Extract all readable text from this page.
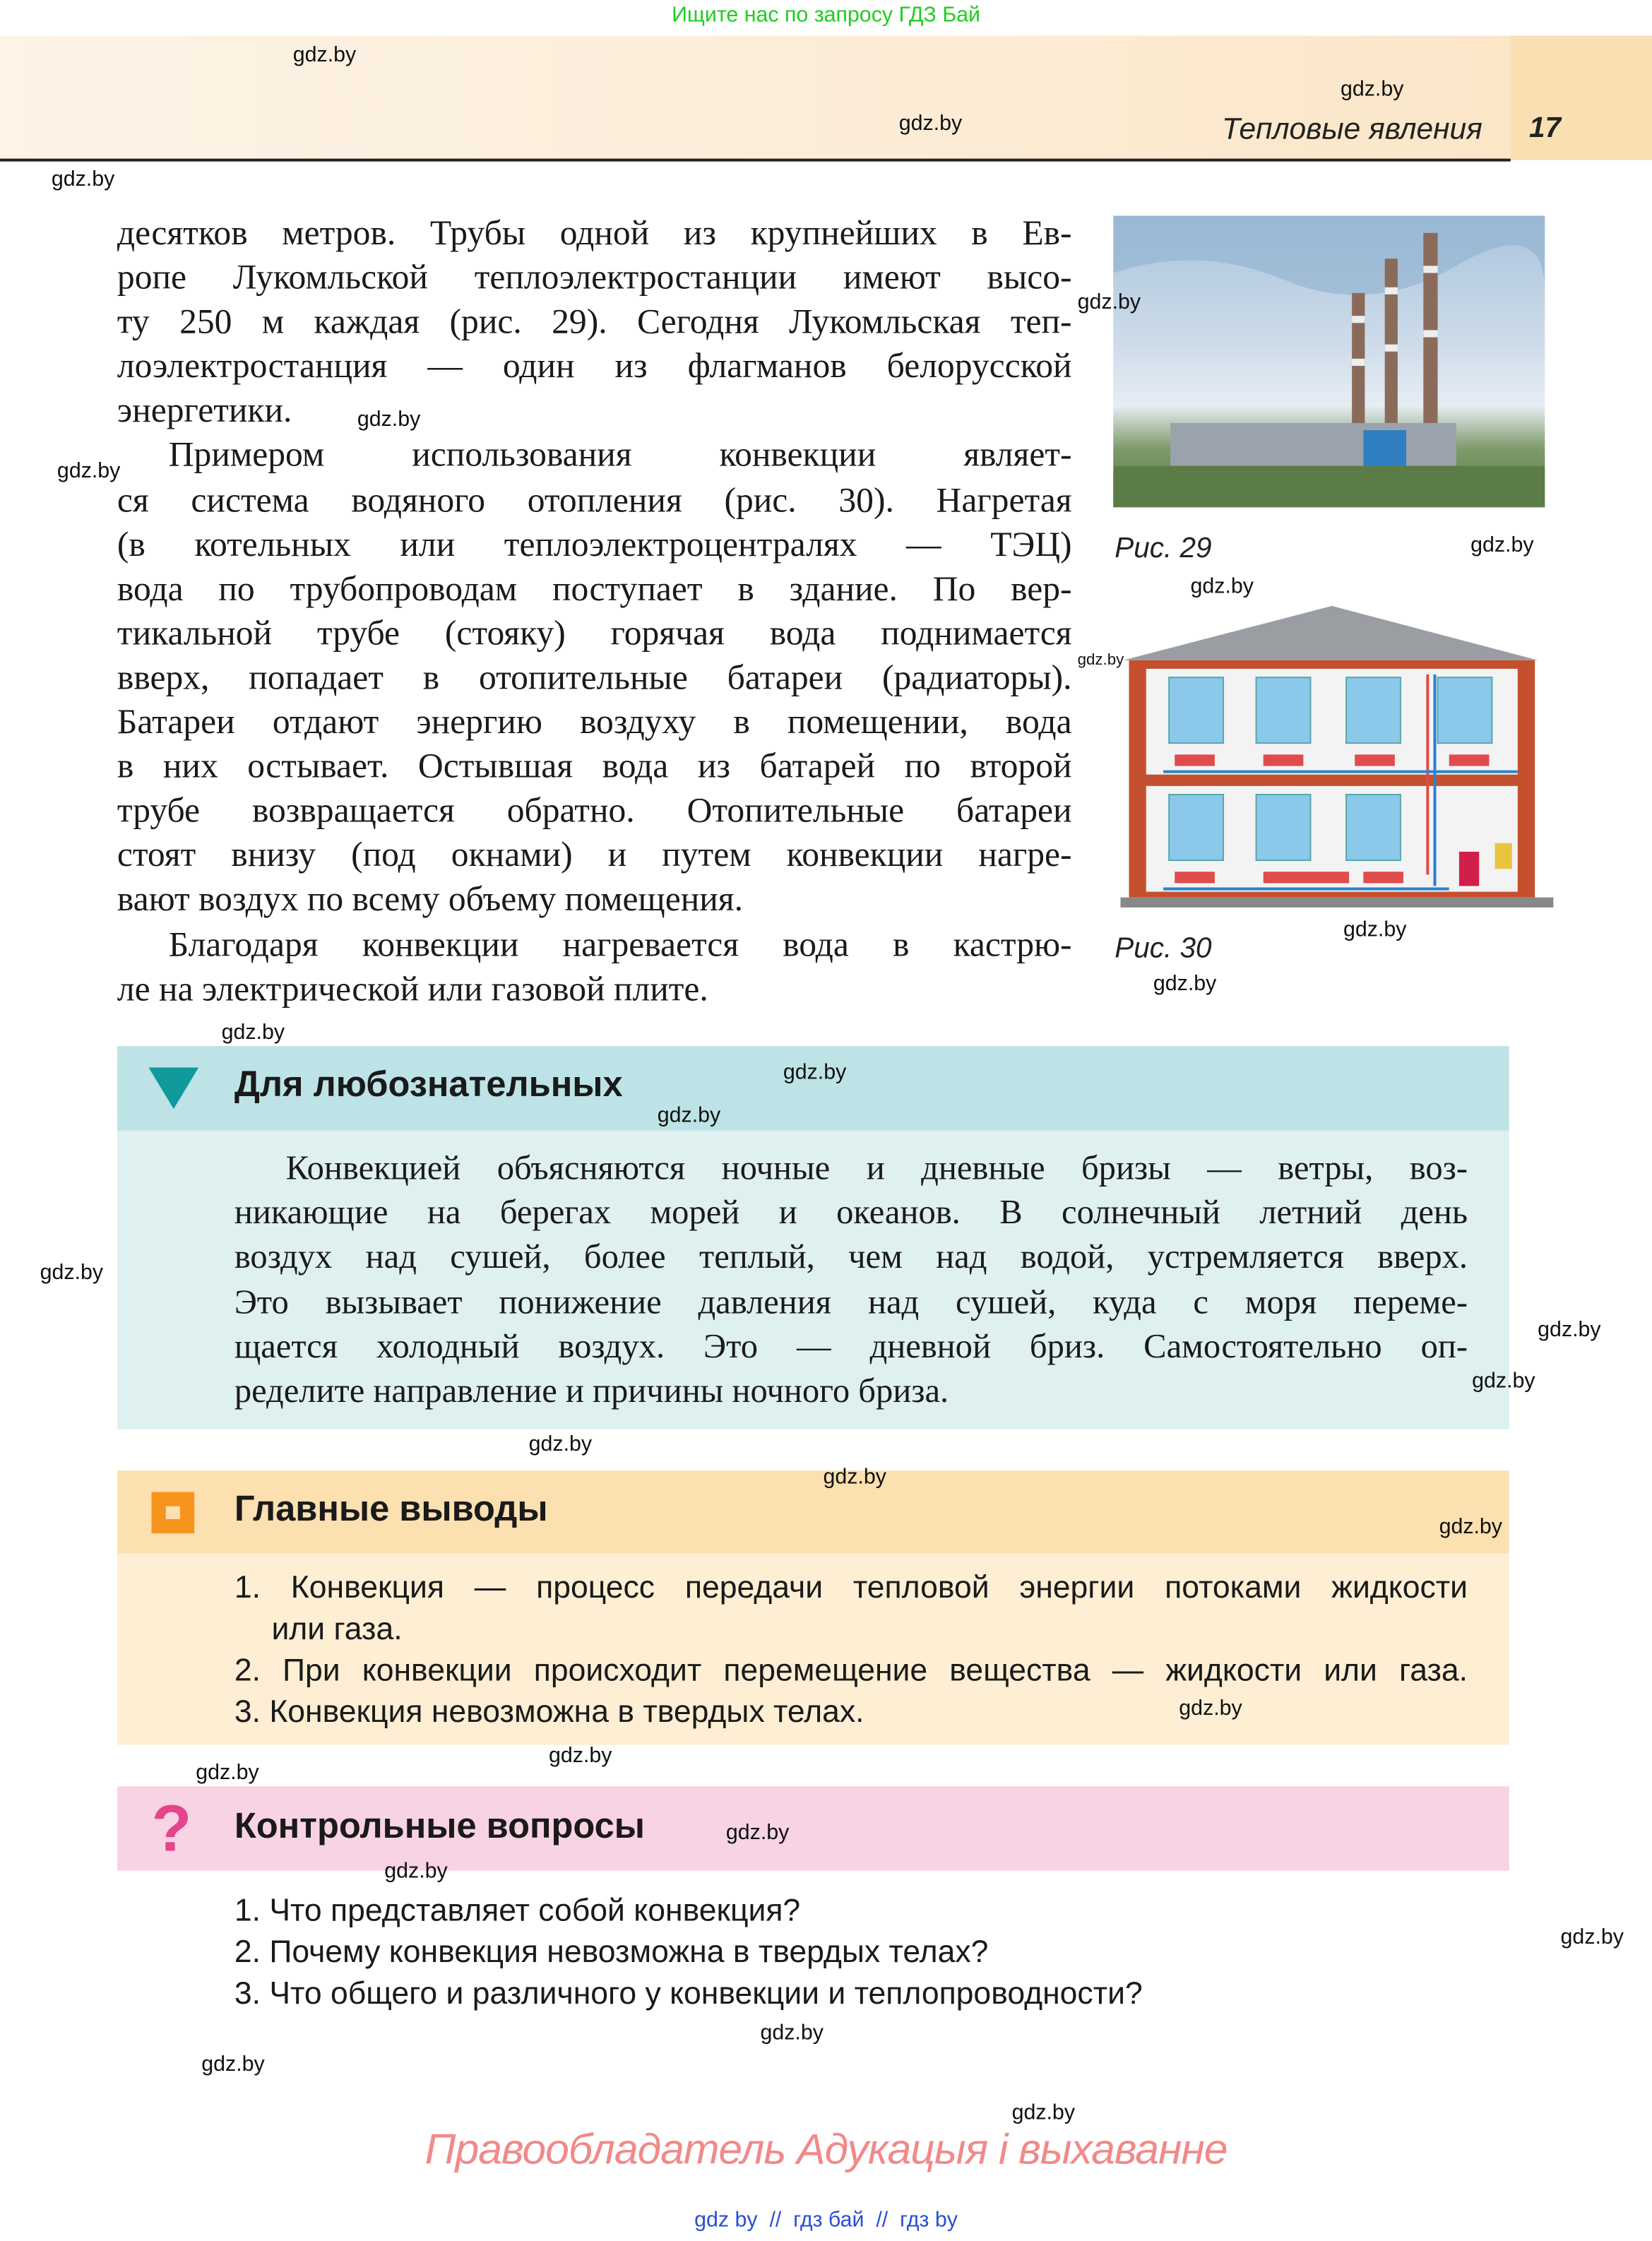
Ищите нас по запросу ГДЗ Бай
Тепловые явления	17
десятков метров. Трубы одной из крупнейших в Ев-
ропе Лукомльской теплоэлектростанции имеют высо-
ту 250 м каждая (рис. 29). Сегодня Лукомльская теп-
лоэлектростанция — один из флагманов белорусской
энергетики.
Примером использования конвекции являет-
ся система водяного отопления (рис. 30). Нагретая
(в котельных или теплоэлектроцентралях — ТЭЦ)
вода по трубопроводам поступает в здание. По вер-
тикальной трубе (стояку) горячая вода поднимается
вверх, попадает в отопительные батареи (радиаторы).
Батареи отдают энергию воздуху в помещении, вода
в них остывает. Остывшая вода из батарей по второй
трубе возвращается обратно. Отопительные батареи
стоят внизу (под окнами) и путем конвекции нагре-
вают воздух по всему объему помещения.
Благодаря конвекции нагревается вода в кастрю-
ле на электрической или газовой плите.
Рис. 29
Рис. 30
Для любознательных
Конвекцией объясняются ночные и дневные бризы — ветры, воз-
никающие на берегах морей и океанов. В солнечный летний день
воздух над сушей, более теплый, чем над водой, устремляется вверх.
Это вызывает понижение давления над сушей, куда с моря переме-
щается холодный воздух. Это — дневной бриз. Самостоятельно оп-
ределите направление и причины ночного бриза.
Главные выводы
1. Конвекция — процесс передачи тепловой энергии потоками жидкости
или газа.
2. При конвекции происходит перемещение вещества — жидкости или газа.
3. Конвекция невозможна в твердых телах.
? Контрольные вопросы
1. Что представляет собой конвекция?
2. Почему конвекция невозможна в твердых телах?
3. Что общего и различного у конвекции и теплопроводности?
Правообладатель Адукацыя і выхаванне
gdz by  //  гдз бай  //  гдз by
gdz.by
gdz.by
gdz.by
gdz.by
gdz.by
gdz.by
gdz.by
gdz.by
gdz.by
gdz.by
gdz.by
gdz.by
gdz.by
gdz.by
gdz.by
gdz.by
gdz.by
gdz.by
gdz.by
gdz.by
gdz.by
gdz.by
gdz.by
gdz.by
gdz.by
gdz.by
gdz.by
gdz.by
gdz.by
gdz.by
